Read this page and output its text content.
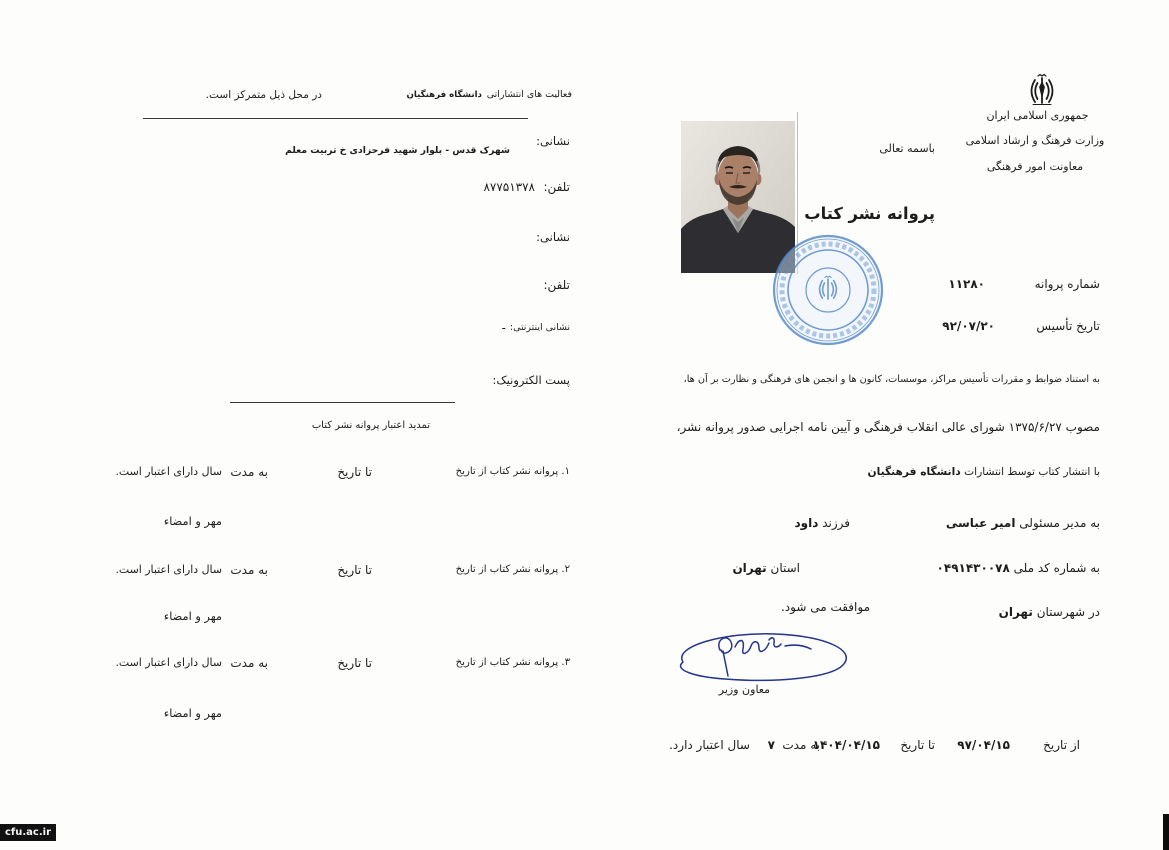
جمهوری اسلامی ایران
وزارت فرهنگ و ارشاد اسلامی
معاونت امور فرهنگی
باسمه تعالی
پروانه نشر کتاب
شماره پروانه
۱۱۲۸۰
تاریخ تأسیس
۹۲/۰۷/۲۰
به استناد ضوابط و مقررات تأسیس مراکز، موسسات، کانون ها و انجمن های فرهنگی و نظارت بر آن ها،
مصوب ۱۳۷۵/۶/۲۷ شورای عالی انقلاب فرهنگی و آیین نامه اجرایی صدور پروانه نشر،
با انتشار کتاب توسط انتشارات دانشگاه فرهنگیان
به مدیر مسئولی امیر عباسی
فرزند داود
به شماره کد ملی ۰۴۹۱۴۳۰۰۷۸
استان تهران
در شهرستان تهران
موافقت می شود.
معاون وزیر
از تاریخ
۹۷/۰۴/۱۵
تا تاریخ
۱۴۰۴/۰۴/۱۵
به مدت
۷
سال اعتبار دارد.
فعالیت های انتشاراتی
دانشگاه فرهنگیان
در محل ذیل متمرکز است.
نشانی:
شهرک قدس - بلوار شهید فرحزادی خ تربیت معلم
تلفن:
۸۷۷۵۱۳۷۸
نشانی:
تلفن:
نشانی اینترنتی:
-
پست الکترونیک:
تمدید اعتبار پروانه نشر کتاب
۱. پروانه نشر کتاب از تاریخ
تا تاریخ
به مدت
سال دارای اعتبار است.
مهر و امضاء
۲. پروانه نشر کتاب از تاریخ
تا تاریخ
به مدت
سال دارای اعتبار است.
مهر و امضاء
۳. پروانه نشر کتاب از تاریخ
تا تاریخ
به مدت
سال دارای اعتبار است.
مهر و امضاء
cfu.ac.ir
